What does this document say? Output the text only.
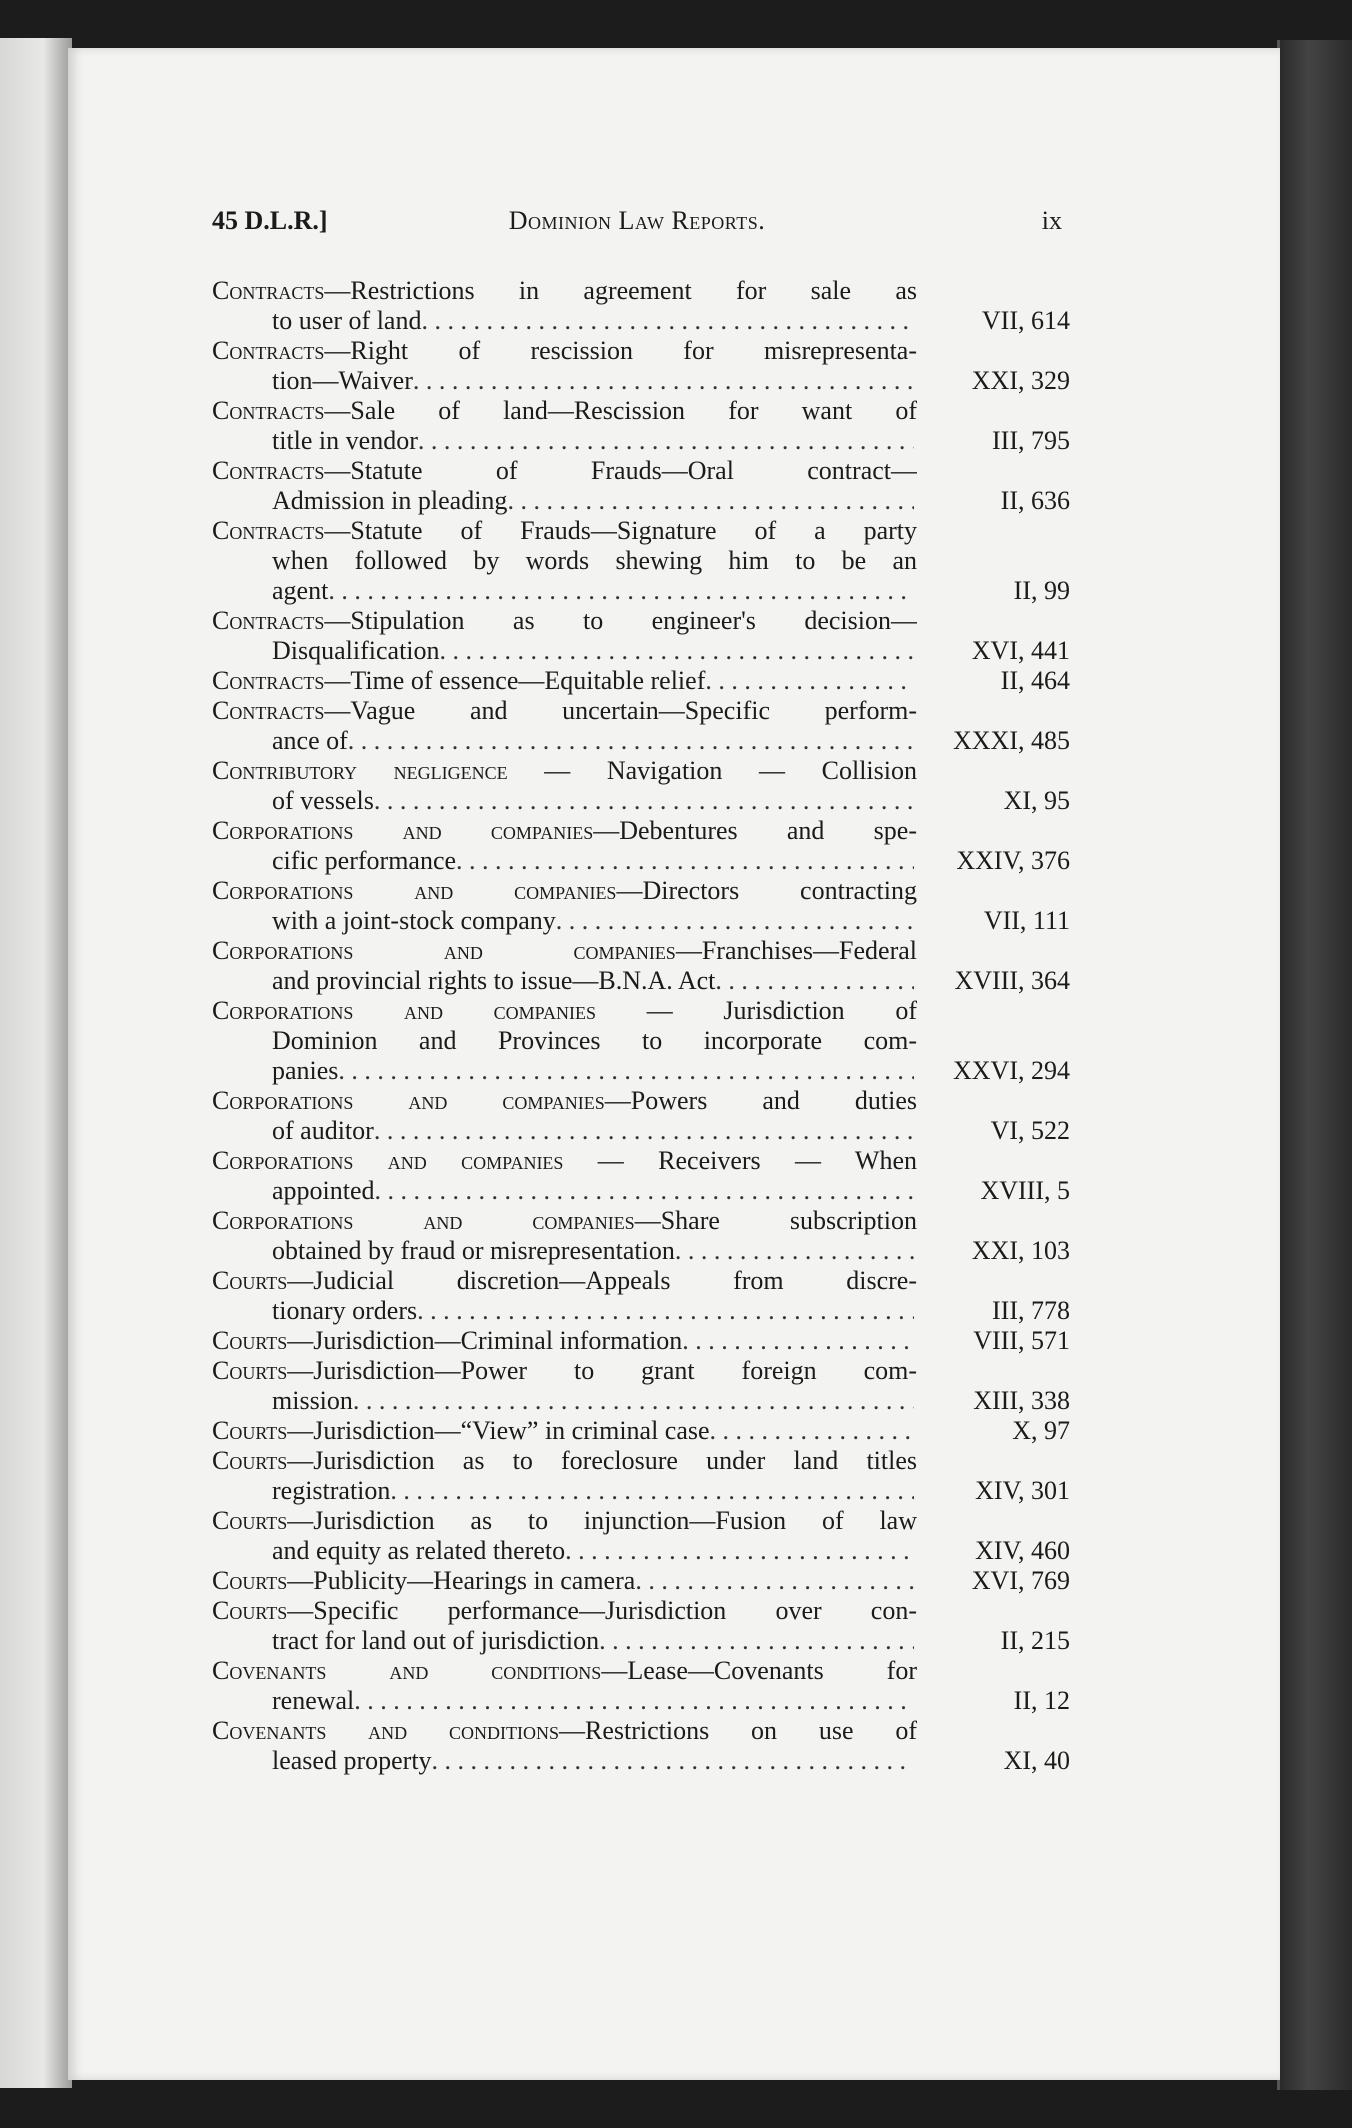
45 D.L.R.]	Dominion Law Reports.	ix
Contracts—Restrictions in agreement for sale as
to user of land . . .	VII, 614
Contracts—Right of rescission for misrepresenta-
tion—Waiver . . .	XXI, 329
Contracts—Sale of land—Rescission for want of
title in vendor . . .	III, 795
Contracts—Statute of Frauds—Oral contract—
Admission in pleading . . .	II, 636
Contracts—Statute of Frauds—Signature of a party
when followed by words shewing him to be an
agent . . .	II, 99
Contracts—Stipulation as to engineer's decision—
Disqualification . . .	XVI, 441
Contracts—Time of essence—Equitable relief . . .	II, 464
Contracts—Vague and uncertain—Specific perform-
ance of . . .	XXXI, 485
Contributory negligence — Navigation — Collision
of vessels . . .	XI, 95
Corporations and companies—Debentures and spe-
cific performance . . .	XXIV, 376
Corporations and companies—Directors contracting
with a joint-stock company . . .	VII, 111
Corporations and companies—Franchises—Federal
and provincial rights to issue—B.N.A. Act . . .	XVIII, 364
Corporations and companies — Jurisdiction of
Dominion and Provinces to incorporate com-
panies . . .	XXVI, 294
Corporations and companies—Powers and duties
of auditor . . .	VI, 522
Corporations and companies — Receivers — When
appointed . . .	XVIII, 5
Corporations and companies—Share subscription
obtained by fraud or misrepresentation . . .	XXI, 103
Courts—Judicial discretion—Appeals from discre-
tionary orders . . .	III, 778
Courts—Jurisdiction—Criminal information . . .	VIII, 571
Courts—Jurisdiction—Power to grant foreign com-
mission . . .	XIII, 338
Courts—Jurisdiction—“View” in criminal case . . .	X, 97
Courts—Jurisdiction as to foreclosure under land titles
registration . . .	XIV, 301
Courts—Jurisdiction as to injunction—Fusion of law
and equity as related thereto . . .	XIV, 460
Courts—Publicity—Hearings in camera . . .	XVI, 769
Courts—Specific performance—Jurisdiction over con-
tract for land out of jurisdiction . . .	II, 215
Covenants and conditions—Lease—Covenants for
renewal . . .	II, 12
Covenants and conditions—Restrictions on use of
leased property . . .	XI, 40
